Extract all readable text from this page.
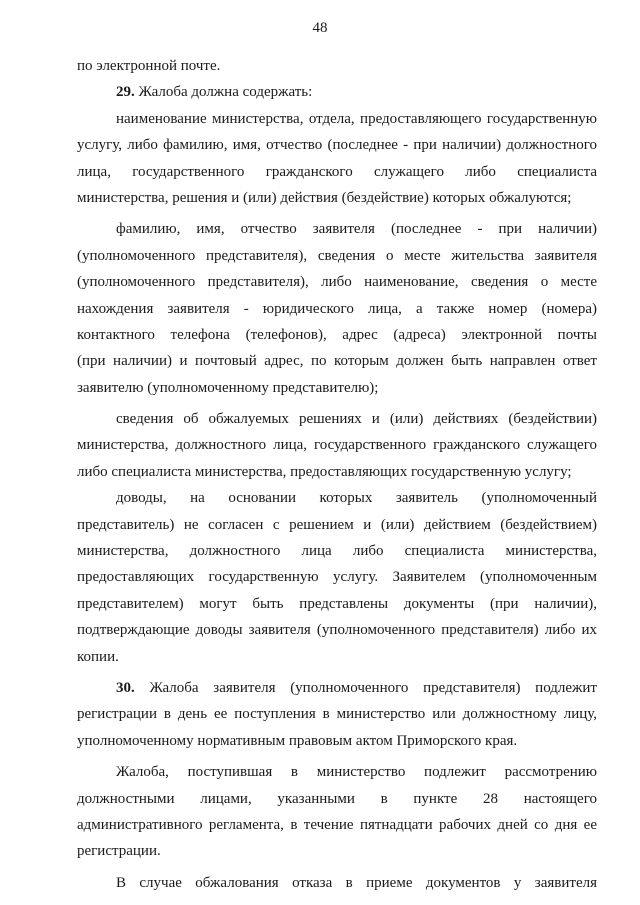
48
по электронной почте.
29. Жалоба должна содержать:
наименование министерства, отдела, предоставляющего государственную
услугу, либо фамилию, имя, отчество (последнее - при наличии) должностного
лица, государственного гражданского служащего либо специалиста
министерства, решения и (или) действия (бездействие) которых обжалуются;
фамилию, имя, отчество заявителя (последнее - при наличии)
(уполномоченного представителя), сведения о месте жительства заявителя
(уполномоченного представителя), либо наименование, сведения о месте
нахождения заявителя - юридического лица, а также номер (номера)
контактного телефона (телефонов), адрес (адреса) электронной почты
(при наличии) и почтовый адрес, по которым должен быть направлен ответ
заявителю (уполномоченному представителю);
сведения об обжалуемых решениях и (или) действиях (бездействии)
министерства, должностного лица, государственного гражданского служащего
либо специалиста министерства, предоставляющих государственную услугу;
доводы, на основании которых заявитель (уполномоченный
представитель) не согласен с решением и (или) действием (бездействием)
министерства, должностного лица либо специалиста министерства,
предоставляющих государственную услугу. Заявителем (уполномоченным
представителем) могут быть представлены документы (при наличии),
подтверждающие доводы заявителя (уполномоченного представителя) либо их
копии.
30. Жалоба заявителя (уполномоченного представителя) подлежит
регистрации в день ее поступления в министерство или должностному лицу,
уполномоченному нормативным правовым актом Приморского края.
Жалоба, поступившая в министерство подлежит рассмотрению
должностными лицами, указанными в пункте 28 настоящего
административного регламента, в течение пятнадцати рабочих дней со дня ее
регистрации.
В случае обжалования отказа в приеме документов у заявителя
